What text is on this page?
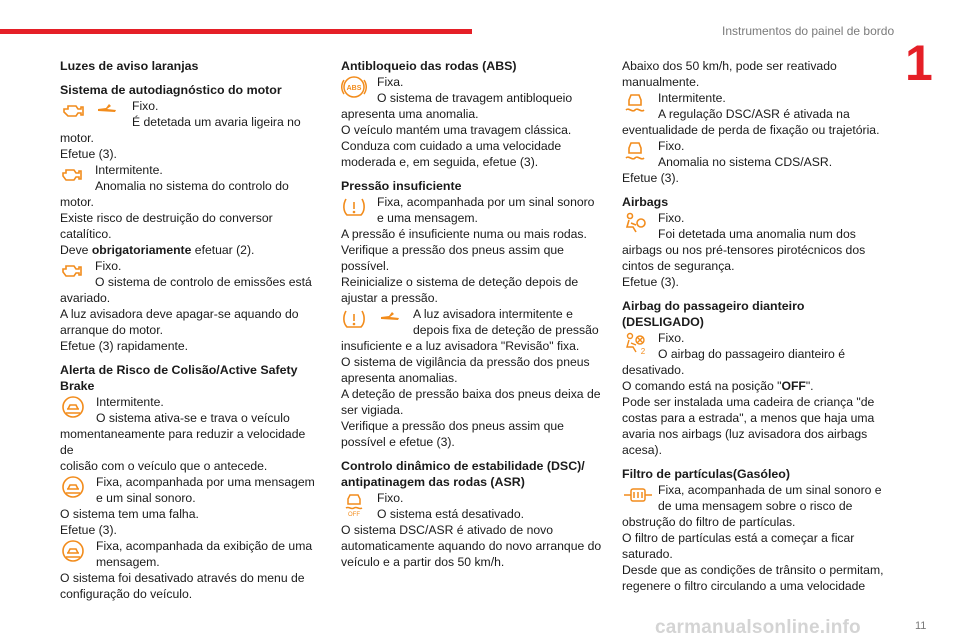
Instrumentos do painel de bordo
1
Luzes de aviso laranjas
Sistema de autodiagnóstico do motor

Fixo.

É detetada um avaria ligeira no

motor.

Efetue (3).

Intermitente.

Anomalia no sistema do controlo do

motor.

Existe risco de destruição do conversor

catalítico.

Deve obrigatoriamente efetuar (2).

Fixo.

O sistema de controlo de emissões está

avariado.

A luz avisadora deve apagar-se aquando do

arranque do motor.

Efetue (3) rapidamente.

Alerta de Risco de Colisão/Active Safety
Brake

Intermitente.

O sistema ativa-se e trava o veículo

momentaneamente para reduzir a velocidade de

colisão com o veículo que o antecede.

Fixa, acompanhada por uma mensagem

e um sinal sonoro.

O sistema tem uma falha.

Efetue (3).

Fixa, acompanhada da exibição de uma

mensagem.

O sistema foi desativado através do menu de

configuração do veículo.

Antibloqueio das rodas (ABS)
ABS	Fixa.

O sistema de travagem antibloqueio

apresenta uma anomalia.

O veículo mantém uma travagem clássica.

Conduza com cuidado a uma velocidade

moderada e, em seguida, efetue (3).

Pressão insuficiente

Fixa, acompanhada por um sinal sonoro

e uma mensagem.

A pressão é insuficiente numa ou mais rodas.

Verifique a pressão dos pneus assim que

possível.

Reinicialize o sistema de deteção depois de

ajustar a pressão.

A luz avisadora intermitente e

depois fixa de deteção de pressão

insuficiente e a luz avisadora "Revisão" fixa.

O sistema de vigilância da pressão dos pneus

apresenta anomalias.

A deteção de pressão baixa dos pneus deixa de

ser vigiada.

Verifique a pressão dos pneus assim que

possível e efetue (3).

Controlo dinâmico de estabilidade (DSC)/
antipatinagem das rodas (ASR)
OFF

Fixo.

O sistema está desativado.

O sistema DSC/ASR é ativado de novo

automaticamente aquando do novo arranque do

veículo e a partir dos 50 km/h.

Abaixo dos 50 km/h, pode ser reativado

manualmente.

Intermitente.

A regulação DSC/ASR é ativada na

eventualidade de perda de fixação ou trajetória.

Fixo.

Anomalia no sistema CDS/ASR.

Efetue (3).

Airbags

Fixo.

Foi detetada uma anomalia num dos

airbags ou nos pré-tensores pirotécnicos dos

cintos de segurança.

Efetue (3).

Airbag do passageiro dianteiro
(DESLIGADO)
2

Fixo.

O airbag do passageiro dianteiro é

desativado.

O comando está na posição "OFF".

Pode ser instalada uma cadeira de criança "de

costas para a estrada", a menos que haja uma

avaria nos airbags (luz avisadora dos airbags

acesa).

Filtro de partículas(Gasóleo)

Fixa, acompanhada de um sinal sonoro e

de uma mensagem sobre o risco de

obstrução do filtro de partículas.

O filtro de partículas está a começar a ficar

saturado.

Desde que as condições de trânsito o permitam,

regenere o filtro circulando a uma velocidade

carmanualsonline.info	11
